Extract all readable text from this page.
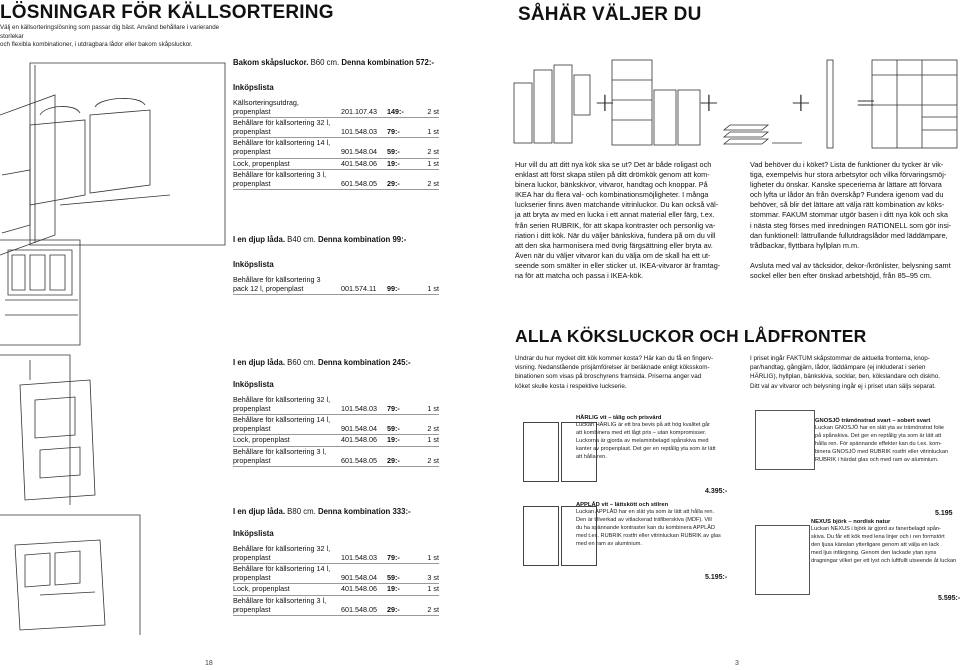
LÖSNINGAR FÖR KÄLLSORTERING
Välj en källsorteringslösning som passar dig bäst. Använd behållare i varierande storlekar
och flexibla kombinationer, i utdragbara lådor eller bakom skåpsluckor.
Bakom skåpsluckor. B60 cm. Denna kombination 572:-
Inköpslista
Källsorteringsutdrag, propenplast	201.107.43	149:-	2 st
Behållare för källsortering 32 l, propenplast	101.548.03	79:-	1 st
Behållare för källsortering 14 l, propenplast	901.548.04	59:-	2 st
Lock, propenplast	401.548.06	19:-	1 st
Behållare för källsortering 3 l, propenplast	601.548.05	29:-	2 st
I en djup låda. B40 cm. Denna kombination 99:-
Inköpslista
Behållare för källsortering 3 pack 12 l, propenplast	001.574.11	99:-	1 st
I en djup låda. B60 cm. Denna kombination 245:-
Inköpslista
Behållare för källsortering 32 l, propenplast	101.548.03	79:-	1 st
Behållare för källsortering 14 l, propenplast	901.548.04	59:-	2 st
Lock, propenplast	401.548.06	19:-	1 st
Behållare för källsortering 3 l, propenplast	601.548.05	29:-	2 st
I en djup låda. B80 cm. Denna kombination 333:-
Inköpslista
Behållare för källsortering 32 l, propenplast	101.548.03	79:-	1 st
Behållare för källsortering 14 l, propenplast	901.548.04	59:-	3 st
Lock, propenplast	401.548.06	19:-	1 st
Behållare för källsortering 3 l, propenplast	601.548.05	29:-	2 st
18
SÅHÄR VÄLJER DU
+	+	+ =
Hur vill du att ditt nya kök ska se ut? Det är både roligast och
enklast att först skapa stilen på ditt drömkök genom att kom-
binera luckor, bänkskivor, vitvaror, handtag och knoppar. På
IKEA har du flera val- och kombinationsmöjligheter. I många
luckserier finns även matchande vitrinluckor. Du kan också väl-
ja att bryta av med en lucka i ett annat material eller färg, t.ex.
från serien RUBRIK, för att skapa kontraster och personlig va-
riation i ditt kök. När du väljer bänkskiva, fundera på om du vill
att den ska harmonisera med övrig färgsättning eller bryta av.
Även när du väljer vitvaror kan du välja om de skall ha ett ut-
seende som smälter in eller sticker ut. IKEA-vitvaror är framtag-
na för att matcha och passa i IKEA-kök.
Vad behöver du i köket? Lista de funktioner du tycker är vik-
tiga, exempelvis hur stora arbetsytor och vilka förvaringsmöj-
ligheter du önskar. Kanske specerierna är lättare att förvara
och lyfta ur lådor än från överskåp? Fundera igenom vad du
behöver, så blir det lättare att välja rätt kombination av köks-
stommar. FAKUM stommar utgör basen i ditt nya kök och ska
i nästa steg förses med inredningen RATIONELL som gör insi-
dan funktionell: lättrullande fullutdragslådor med läddämpare,
trådbackar, flyttbara hyllplan m.m.
Avsluta med val av täcksidor, dekor-/krönlister, belysning samt
sockel eller ben efter önskad arbetshöjd, från 85–95 cm.
ALLA KÖKSLUCKOR OCH LÅDFRONTER
Undrar du hur mycket ditt kök kommer kosta? Här kan du få en fingerv-
visning. Nedanstående prisjämförelser är beräknade enligt köksskom-
binationen som visas på broschyrens framsida. Priserna anger vad
köket skulle kosta i respektive luckserie.
I priset ingår FAKTUM skåpstommar de aktuella fronterna, knop-
par/handtag, gångjärn, lådor, läddämpare (ej inkluderat i serien
HÄRLIG), hyllplan, bänkskiva, socklar, ben, kökslandare och diskho.
Ditt val av vitvaror och belysning ingår ej i priset utan säljs separat.
HÄRLIG vit – tålig och prisvärd
Luckan HÄRLIG är ett bra bevis på att hög kvalitet går
att kombinera med ett lågt pris – utan kompromisser.
Luckorna är gjorda av melaminbelagd spånskiva med
kanter av propenplast. Det ger en reptålig yta som är lätt
att hålla ren.
4.395:-
APPLÅD vit – lättskött och stilren
Luckan APPLÅD har en slät yta som är lätt att hålla ren.
Den är tillverkad av vitlackerad träfiberskiva (MDF). Vill
du ha spännande kontraster kan du kombinera APPLÅD
med t.ex. RUBRIK rostfri eller vitrinluckan RUBRIK av glas
med en ram av aluminium.
5.195:-
GNOSJÖ trämönstrad svart – sobert svart
Luckan GNOSJÖ har en slät yta av trämönstrat folie
på spånskiva. Det ger en reptålig yta som är lätt att
hålla ren. För spännande effekter kan du t.ex. kom-
binera GNOSJÖ med RUBRIK rostfri eller vitrinluckan
RUBRIK i härdat glas och med ram av aluminium.
5.195
NEXUS björk – nordisk natur
Luckan NEXUS i björk är gjord av fanerbelagd spån-
skiva. Du får ett kök med lena linjer och i ren formstört
den ljusa känslan ytterligare genom att välja en lack
med ljus infärgning. Genom den lackade ytan syns
dragningar vilket ger ett lyst och luftfullt utseende åt luckan
5.595:-
3
